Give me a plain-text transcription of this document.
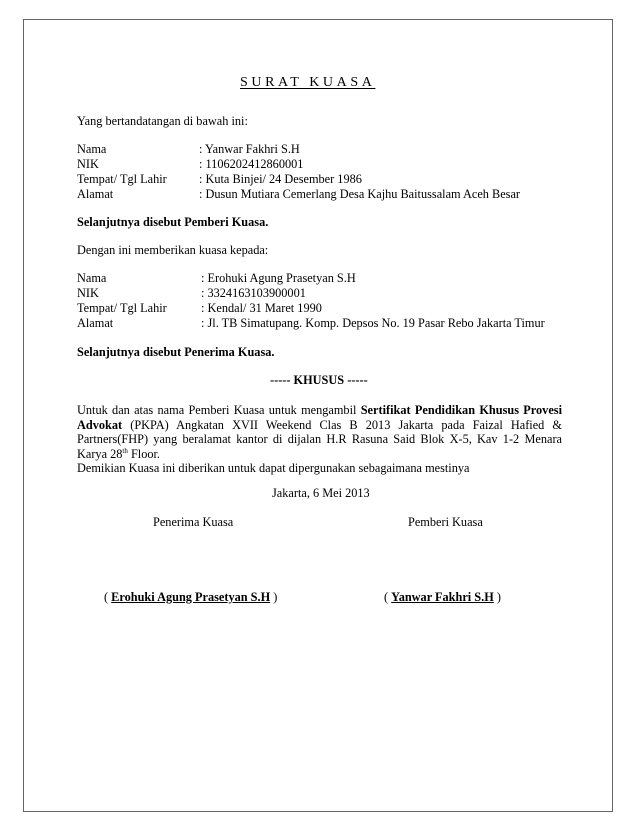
SURAT KUASA
Yang bertandatangan di bawah ini:
Nama	: Yanwar Fakhri S.H
NIK	: 1106202412860001
Tempat/ Tgl Lahir	: Kuta Binjei/ 24 Desember 1986
Alamat	: Dusun Mutiara Cemerlang Desa Kajhu Baitussalam Aceh Besar
Selanjutnya disebut Pemberi Kuasa.
Dengan ini memberikan kuasa kepada:
Nama	: Erohuki Agung Prasetyan S.H
NIK	: 3324163103900001
Tempat/ Tgl Lahir	: Kendal/ 31 Maret 1990
Alamat	: Jl. TB Simatupang. Komp. Depsos No. 19 Pasar Rebo Jakarta Timur
Selanjutnya disebut Penerima Kuasa.
----- KHUSUS -----
Untuk dan atas nama Pemberi Kuasa untuk mengambil Sertifikat Pendidikan Khusus Provesi Advokat (PKPA) Angkatan XVII Weekend Clas B 2013 Jakarta pada Faizal Hafied & Partners(FHP) yang beralamat kantor di dijalan H.R Rasuna Said Blok X-5, Kav 1-2 Menara Karya 28th Floor.
Demikian Kuasa ini diberikan untuk dapat dipergunakan sebagaimana mestinya
Jakarta, 6 Mei 2013
Penerima Kuasa	Pemberi Kuasa
( Erohuki Agung Prasetyan S.H )	( Yanwar Fakhri S.H )
